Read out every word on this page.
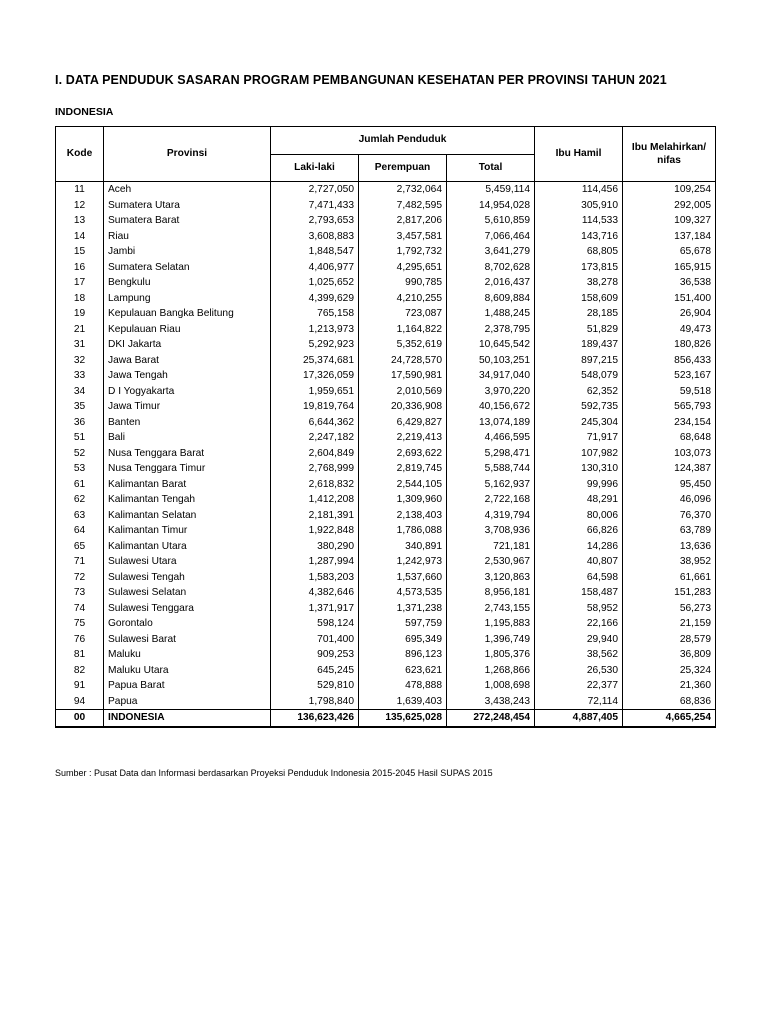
I. DATA PENDUDUK SASARAN PROGRAM PEMBANGUNAN KESEHATAN PER PROVINSI TAHUN 2021
INDONESIA
Kode	Provinsi	Jumlah Penduduk			Ibu Hamil	Ibu Melahirkan/ nifas
		Laki-laki	Perempuan	Total		
11	Aceh	2,727,050	2,732,064	5,459,114	114,456	109,254
12	Sumatera Utara	7,471,433	7,482,595	14,954,028	305,910	292,005
13	Sumatera Barat	2,793,653	2,817,206	5,610,859	114,533	109,327
14	Riau	3,608,883	3,457,581	7,066,464	143,716	137,184
15	Jambi	1,848,547	1,792,732	3,641,279	68,805	65,678
16	Sumatera Selatan	4,406,977	4,295,651	8,702,628	173,815	165,915
17	Bengkulu	1,025,652	990,785	2,016,437	38,278	36,538
18	Lampung	4,399,629	4,210,255	8,609,884	158,609	151,400
19	Kepulauan Bangka Belitung	765,158	723,087	1,488,245	28,185	26,904
21	Kepulauan Riau	1,213,973	1,164,822	2,378,795	51,829	49,473
31	DKI Jakarta	5,292,923	5,352,619	10,645,542	189,437	180,826
32	Jawa Barat	25,374,681	24,728,570	50,103,251	897,215	856,433
33	Jawa Tengah	17,326,059	17,590,981	34,917,040	548,079	523,167
34	D I Yogyakarta	1,959,651	2,010,569	3,970,220	62,352	59,518
35	Jawa Timur	19,819,764	20,336,908	40,156,672	592,735	565,793
36	Banten	6,644,362	6,429,827	13,074,189	245,304	234,154
51	Bali	2,247,182	2,219,413	4,466,595	71,917	68,648
52	Nusa Tenggara Barat	2,604,849	2,693,622	5,298,471	107,982	103,073
53	Nusa Tenggara Timur	2,768,999	2,819,745	5,588,744	130,310	124,387
61	Kalimantan Barat	2,618,832	2,544,105	5,162,937	99,996	95,450
62	Kalimantan Tengah	1,412,208	1,309,960	2,722,168	48,291	46,096
63	Kalimantan Selatan	2,181,391	2,138,403	4,319,794	80,006	76,370
64	Kalimantan Timur	1,922,848	1,786,088	3,708,936	66,826	63,789
65	Kalimantan Utara	380,290	340,891	721,181	14,286	13,636
71	Sulawesi Utara	1,287,994	1,242,973	2,530,967	40,807	38,952
72	Sulawesi Tengah	1,583,203	1,537,660	3,120,863	64,598	61,661
73	Sulawesi Selatan	4,382,646	4,573,535	8,956,181	158,487	151,283
74	Sulawesi Tenggara	1,371,917	1,371,238	2,743,155	58,952	56,273
75	Gorontalo	598,124	597,759	1,195,883	22,166	21,159
76	Sulawesi Barat	701,400	695,349	1,396,749	29,940	28,579
81	Maluku	909,253	896,123	1,805,376	38,562	36,809
82	Maluku Utara	645,245	623,621	1,268,866	26,530	25,324
91	Papua Barat	529,810	478,888	1,008,698	22,377	21,360
94	Papua	1,798,840	1,639,403	3,438,243	72,114	68,836
00	INDONESIA	136,623,426	135,625,028	272,248,454	4,887,405	4,665,254
Sumber : Pusat Data dan Informasi berdasarkan Proyeksi Penduduk Indonesia 2015-2045 Hasil SUPAS 2015
